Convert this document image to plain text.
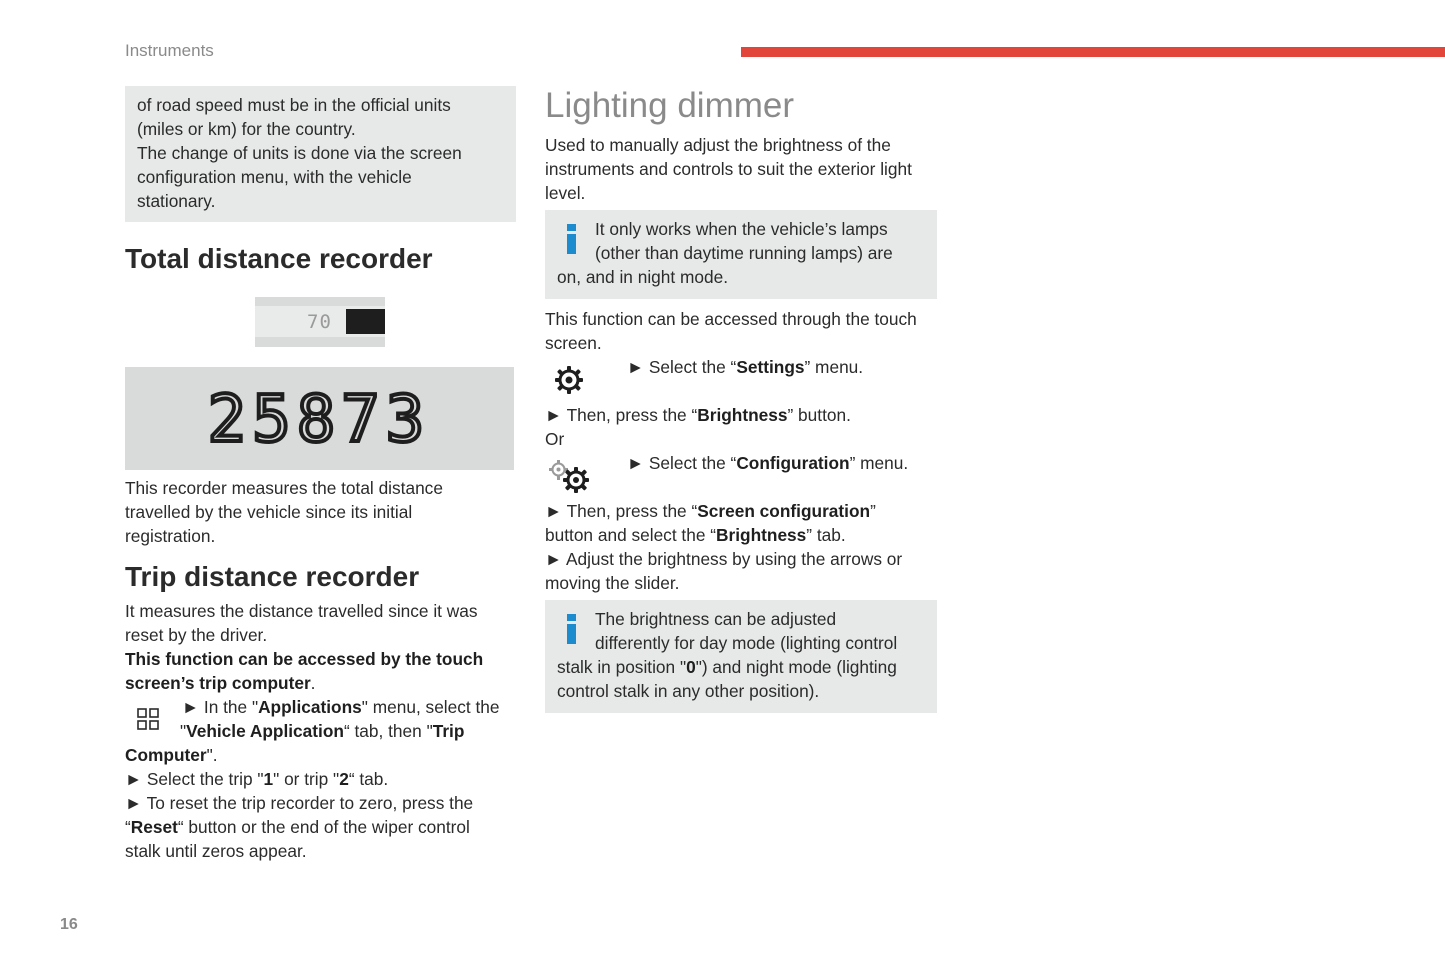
Instruments
16
of road speed must be in the official units
(miles or km) for the country.
The change of units is done via the screen
configuration menu, with the vehicle
stationary.
Total distance recorder
70
25873
This recorder measures the total distance
travelled by the vehicle since its initial
registration.
Trip distance recorder
It measures the distance travelled since it was
reset by the driver.
This function can be accessed by the touch
screen’s trip computer.
► In the "Applications" menu, select the
"Vehicle Application“ tab, then "Trip
Computer".
► Select the trip "1" or trip "2“ tab.
► To reset the trip recorder to zero, press the
“Reset“ button or the end of the wiper control
stalk until zeros appear.
Lighting dimmer
Used to manually adjust the brightness of the
instruments and controls to suit the exterior light
level.
It only works when the vehicle’s lamps
(other than daytime running lamps) are
on, and in night mode.
This function can be accessed through the touch
screen.
► Select the “Settings” menu.
► Then, press the “Brightness” button.
Or
► Select the “Configuration” menu.
► Then, press the “Screen configuration”
button and select the “Brightness” tab.
► Adjust the brightness by using the arrows or
moving the slider.
The brightness can be adjusted
differently for day mode (lighting control
stalk in position "0") and night mode (lighting
control stalk in any other position).
